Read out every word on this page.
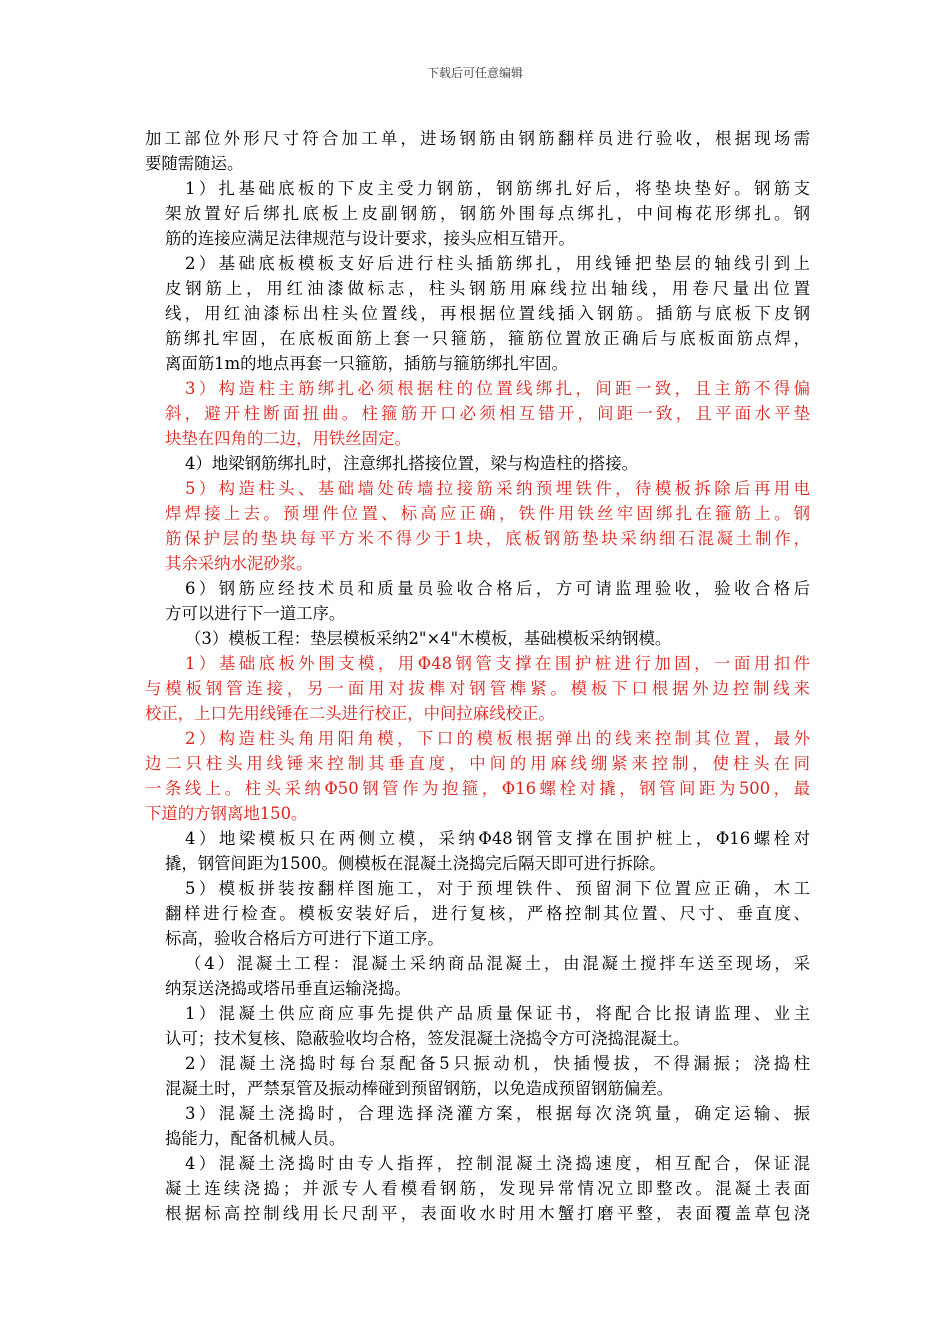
下载后可任意编辑
加工部位外形尺寸符合加工单，进场钢筋由钢筋翻样员进行验收，根据现场需
要随需随运。
1）扎基础底板的下皮主受力钢筋，钢筋绑扎好后，将垫块垫好。钢筋支
架放置好后绑扎底板上皮副钢筋，钢筋外围每点绑扎，中间梅花形绑扎。钢
筋的连接应满足法律规范与设计要求，接头应相互错开。
2）基础底板模板支好后进行柱头插筋绑扎，用线锤把垫层的轴线引到上
皮钢筋上，用红油漆做标志，柱头钢筋用麻线拉出轴线，用卷尺量出位置
线，用红油漆标出柱头位置线，再根据位置线插入钢筋。插筋与底板下皮钢
筋绑扎牢固，在底板面筋上套一只箍筋，箍筋位置放正确后与底板面筋点焊，
离面筋1m的地点再套一只箍筋，插筋与箍筋绑扎牢固。
3）构造柱主筋绑扎必须根据柱的位置线绑扎，间距一致，且主筋不得偏
斜，避开柱断面扭曲。柱箍筋开口必须相互错开，间距一致，且平面水平垫
块垫在四角的二边，用铁丝固定。
4）地梁钢筋绑扎时，注意绑扎搭接位置，梁与构造柱的搭接。
5）构造柱头、基础墙处砖墙拉接筋采纳预埋铁件，待模板拆除后再用电
焊焊接上去。预埋件位置、标高应正确，铁件用铁丝牢固绑扎在箍筋上。钢
筋保护层的垫块每平方米不得少于1块，底板钢筋垫块采纳细石混凝土制作，
其余采纳水泥砂浆。
6）钢筋应经技术员和质量员验收合格后，方可请监理验收，验收合格后
方可以进行下一道工序。
（3）模板工程：垫层模板采纳2"×4"木模板，基础模板采纳钢模。
1）基础底板外围支模，用Φ48钢管支撑在围护桩进行加固，一面用扣件
与模板钢管连接，另一面用对拔榫对钢管榫紧。模板下口根据外边控制线来
校正，上口先用线锤在二头进行校正，中间拉麻线校正。
2）构造柱头角用阳角模，下口的模板根据弹出的线来控制其位置，最外
边二只柱头用线锤来控制其垂直度，中间的用麻线绷紧来控制，使柱头在同
一条线上。柱头采纳Φ50钢管作为抱箍，Φ16螺栓对撬，钢管间距为500，最
下道的方钢离地150。
4）地梁模板只在两侧立模，采纳Φ48钢管支撑在围护桩上，Φ16螺栓对
撬，钢管间距为1500。侧模板在混凝土浇捣完后隔天即可进行拆除。
5）模板拼装按翻样图施工，对于预埋铁件、预留洞下位置应正确，木工
翻样进行检查。模板安装好后，进行复核，严格控制其位置、尺寸、垂直度、
标高，验收合格后方可进行下道工序。
（4）混凝土工程：混凝土采纳商品混凝土，由混凝土搅拌车送至现场，采
纳泵送浇捣或塔吊垂直运输浇捣。
1）混凝土供应商应事先提供产品质量保证书，将配合比报请监理、业主
认可；技术复核、隐蔽验收均合格，签发混凝土浇捣令方可浇捣混凝土。
2）混凝土浇捣时每台泵配备5只振动机，快插慢拔，不得漏振；浇捣柱
混凝土时，严禁泵管及振动棒碰到预留钢筋，以免造成预留钢筋偏差。
3）混凝土浇捣时，合理选择浇灌方案，根据每次浇筑量，确定运输、振
捣能力，配备机械人员。
4）混凝土浇捣时由专人指挥，控制混凝土浇捣速度，相互配合，保证混
凝土连续浇捣；并派专人看模看钢筋，发现异常情况立即整改。混凝土表面
根据标高控制线用长尺刮平，表面收水时用木蟹打磨平整，表面覆盖草包浇
